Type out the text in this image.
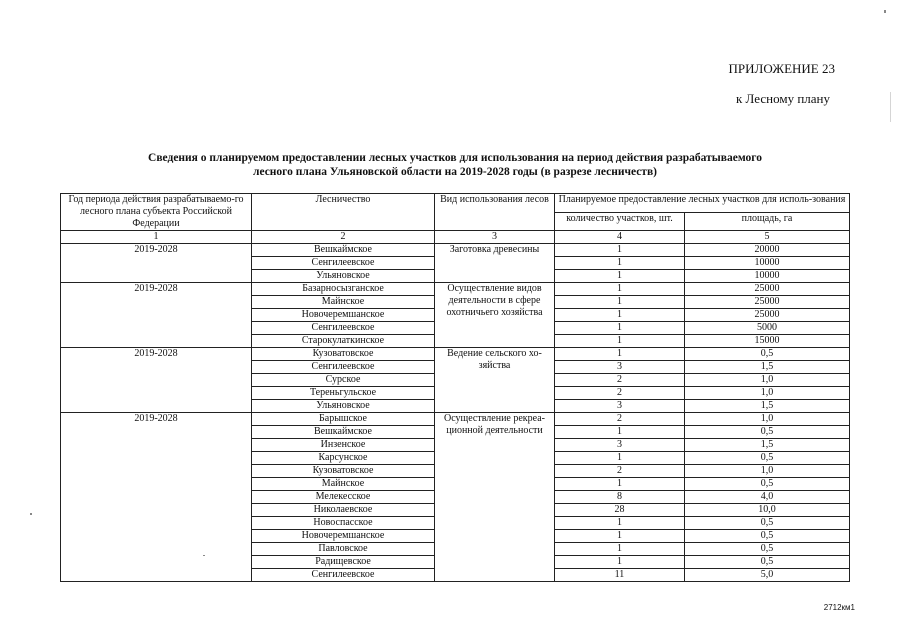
ПРИЛОЖЕНИЕ 23
к Лесному плану
Сведения о планируемом предоставлении лесных участков для использования на период действия разрабатываемого
лесного плана Ульяновской области на 2019-2028 годы (в разрезе лесничеств)
Год периода действия разрабатываемо-го лесного плана субъекта Российской Федерации	Лесничество	Вид использования лесов	Планируемое предоставление лесных участков для исполь-зования	
			количество участков, шт.	площадь, га
1	2	3	4	5
2019-2028	Вешкаймское	Заготовка древесины	1	20000
	Сенгилеевское		1	10000
	Ульяновское		1	10000
2019-2028	Базарносызганское	Осуществление видов деятельности в сфере охотничьего хозяйства	1	25000
	Майнское		1	25000
	Новочеремшанское		1	25000
	Сенгилеевское		1	5000
	Старокулаткинское		1	15000
2019-2028	Кузоватовское	Ведение сельского хо-зяйства	1	0,5
	Сенгилеевское		3	1,5
	Сурское		2	1,0
	Тереньгульское		2	1,0
	Ульяновское		3	1,5
2019-2028	Барышское	Осуществление рекреа-ционной деятельности	2	1,0
	Вешкаймское		1	0,5
	Инзенское		3	1,5
	Карсунское		1	0,5
	Кузоватовское		2	1,0
	Майнское		1	0,5
	Мелекесское		8	4,0
	Николаевское		28	10,0
	Новоспасское		1	0,5
	Новочеремшанское		1	0,5
	Павловское		1	0,5
	Радищевское		1	0,5
	Сенгилеевское		11	5,0
2712км1
